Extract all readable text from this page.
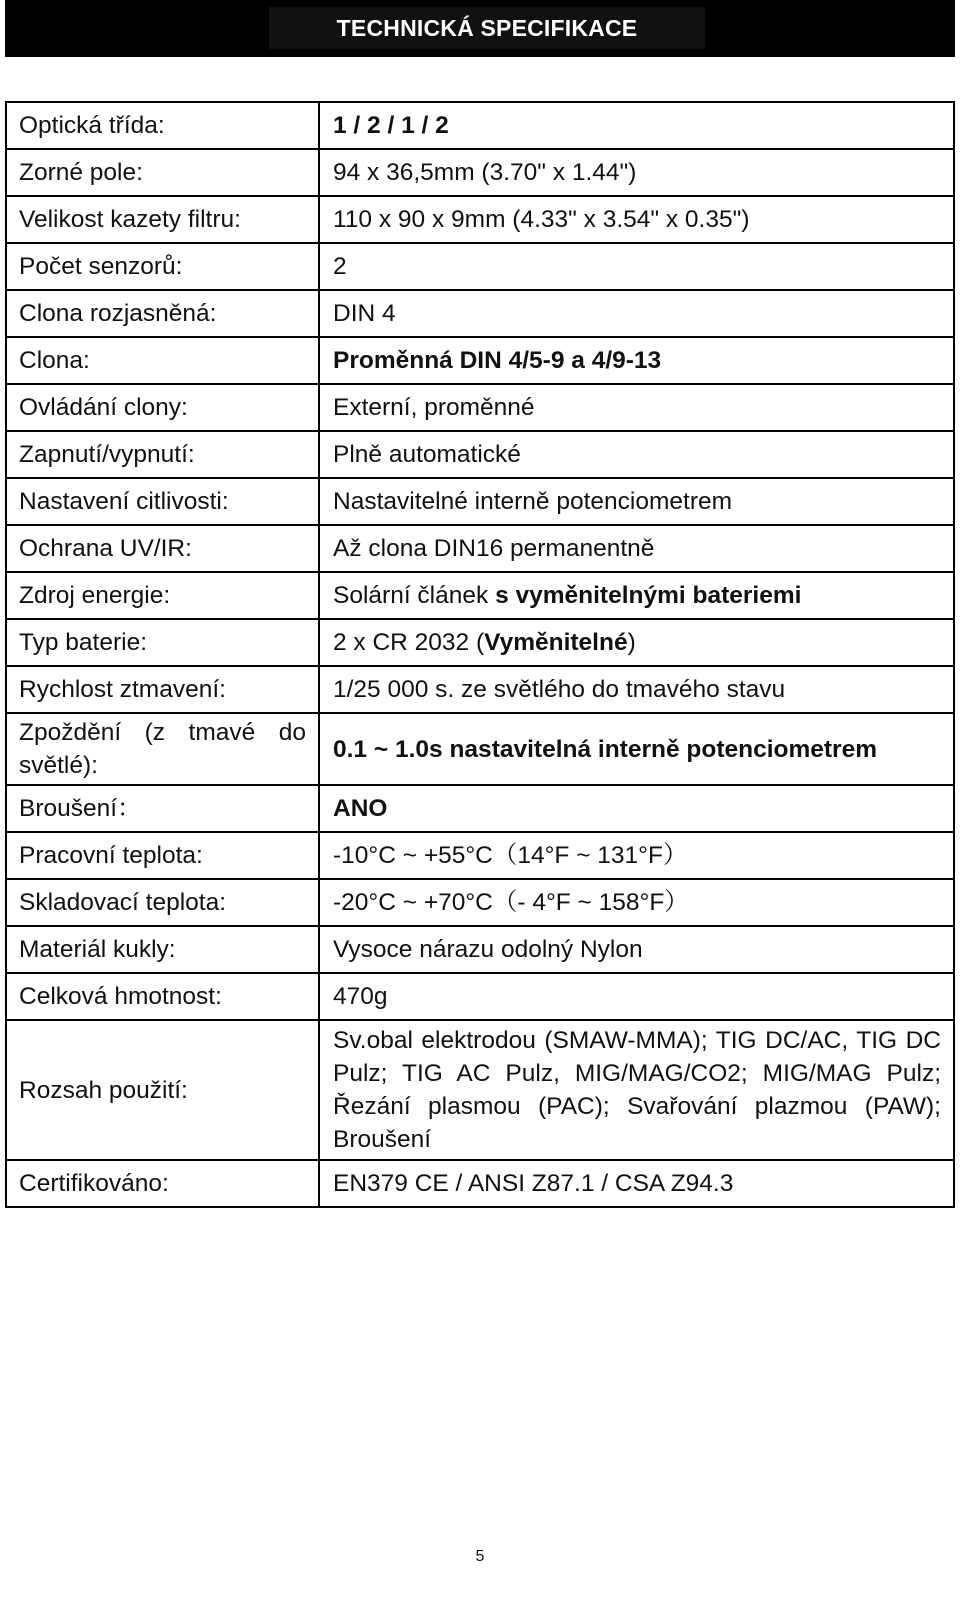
TECHNICKÁ SPECIFIKACE
Optická třída:	1 / 2 / 1 / 2
Zorné pole:	94 x 36,5mm (3.70" x 1.44")
Velikost kazety filtru:	110 x 90 x 9mm (4.33" x 3.54" x 0.35")
Počet senzorů:	2
Clona rozjasněná:	DIN 4
Clona:	Proměnná DIN 4/5-9 a 4/9-13
Ovládání clony:	Externí, proměnné
Zapnutí/vypnutí:	Plně automatické
Nastavení citlivosti:	Nastavitelné interně potenciometrem
Ochrana UV/IR:	Až clona DIN16 permanentně
Zdroj energie:	Solární článek s vyměnitelnými bateriemi
Typ baterie:	2 x CR 2032 (Vyměnitelné)
Rychlost ztmavení:	1/25 000 s. ze světlého do tmavého stavu
Zpoždění (z tmavé do světlé):	0.1 ~ 1.0s nastavitelná interně potenciometrem
Broušení：	ANO
Pracovní teplota:	-10°C ~ +55°C（14°F ~ 131°F）
Skladovací teplota:	-20°C ~ +70°C（- 4°F ~ 158°F）
Materiál kukly:	Vysoce nárazu odolný Nylon
Celková hmotnost:	470g
Rozsah použití:	Sv.obal elektrodou (SMAW-MMA); TIG DC/AC, TIG DC Pulz; TIG AC Pulz, MIG/MAG/CO2; MIG/MAG Pulz; Řezání plasmou (PAC); Svařování plazmou (PAW); Broušení
Certifikováno:	EN379 CE / ANSI Z87.1 / CSA Z94.3
5
